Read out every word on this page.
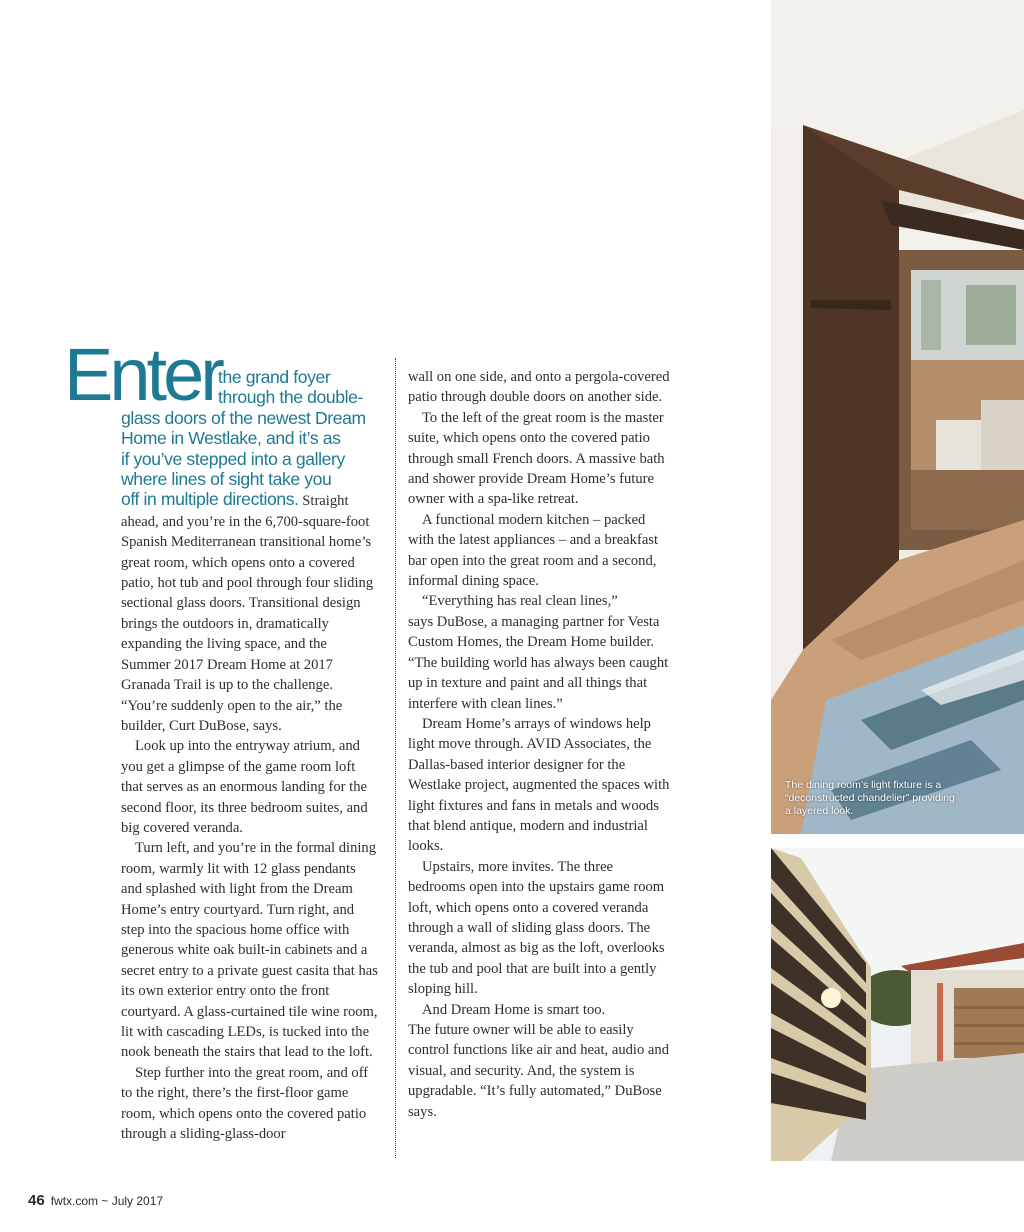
The dining room’s light fixture is a “deconstructed chandelier” providing a layered look.
Enter
the grand foyer
through the double-
glass doors of the newest Dream
Home in Westlake, and it’s as
if you’ve stepped into a gallery
where lines of sight take you

off in multiple directions. Straight ahead, and you’re in the 6,700-square-foot Spanish Mediterranean transitional home’s great room, which opens onto a covered patio, hot tub and pool through four sliding sectional glass doors. Transitional design brings the outdoors in, dramatically expanding the living space, and the Summer 2017 Dream Home at 2017 Granada Trail is up to the challenge. “You’re suddenly open to the air,” the builder, Curt DuBose, says.

Look up into the entryway atrium, and you get a glimpse of the game room loft that serves as an enormous landing for the second floor, its three bedroom suites, and big covered veranda.

Turn left, and you’re in the formal dining room, warmly lit with 12 glass pendants and splashed with light from the Dream Home’s entry courtyard. Turn right, and step into the spacious home office with generous white oak built-in cabinets and a secret entry to a private guest casita that has its own exterior entry onto the front courtyard. A glass-curtained tile wine room, lit with cascading LEDs, is tucked into the nook beneath the stairs that lead to the loft.

Step further into the great room, and off to the right, there’s the first-floor game room, which opens onto the covered patio through a sliding-glass-door

wall on one side, and onto a pergola-covered patio through double doors on another side.

To the left of the great room is the master suite, which opens onto the covered patio through small French doors. A massive bath and shower provide Dream Home’s future owner with a spa-like retreat.

A functional modern kitchen – packed with the latest appliances – and a breakfast bar open into the great room and a second, informal dining space.

“Everything has real clean lines,”

says DuBose, a managing partner for Vesta Custom Homes, the Dream Home builder. “The building world has always been caught up in texture and paint and all things that interfere with clean lines.”

Dream Home’s arrays of windows help light move through. AVID Associates, the Dallas-based interior designer for the Westlake project, augmented the spaces with light fixtures and fans in metals and woods that blend antique, modern and industrial looks.

Upstairs, more invites. The three bedrooms open into the upstairs game room loft, which opens onto a covered veranda through a wall of sliding glass doors. The veranda, almost as big as the loft, overlooks the tub and pool that are built into a gently sloping hill.

And Dream Home is smart too.

The future owner will be able to easily control functions like air and heat, audio and visual, and security. And, the system is upgradable. “It’s fully automated,” DuBose says.

46 fwtx.com ~ July 2017
